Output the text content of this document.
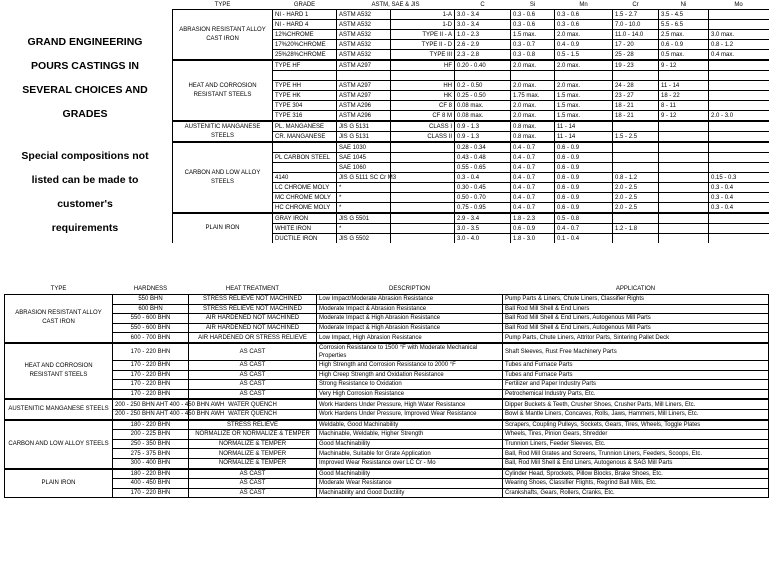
GRAND ENGINEERING
POURS CASTINGS IN
SEVERAL CHOICES AND
GRADES
Special compositions not
listed can be made to
customer's
requirements
TYPE	GRADE	ASTM, SAE & JIS		C	Si	Mn	Cr	Ni	Mo
ABRASION RESISTANT ALLOY CAST IRON	NI - HARD 1	ASTM A532	1-A	3.0 - 3.4	0.3 - 0.6	0.3 - 0.6	1.5 - 2.7	3.5 - 4.5	
	NI - HARD 4	ASTM A532	1-D	3.0 - 3.4	0.3 - 0.6	0.3 - 0.6	7.0 - 10.0	5.5 - 6.5	
	12%CHROME	ASTM A532	TYPE II - A	1.0 - 2.3	1.5 max.	2.0 max.	11.0 - 14.0	2.5 max.	3.0 max.
	17%20%CHROME	ASTM A532	TYPE II - D	2.6 - 2.9	0.3 - 0.7	0.4 - 0.9	17 - 20	0.6 - 0.9	0.8 - 1.2
	25%28%CHROME	ASTM A532	TYPE III	2.3 - 2.8	0.3 - 0.8	0.5 - 1.5	25 - 28	0.5 max.	0.4 max.
HEAT AND CORROSION RESISTANT STEELS	TYPE HF	ASTM A297	HF	0.20 - 0.40	2.0 max.	2.0 max.	19 - 23	9 - 12	

	TYPE HH	ASTM A297	HH	0.2 - 0.50	2.0 max.	2.0 max.	24 - 28	11 - 14	
	TYPE HK	ASTM A297	HK	0.25 - 0.50	1.75 max.	1.5 max.	23 - 27	18 - 22	
	TYPE 304	ASTM A296	CF 8	0.08 max.	2.0 max.	1.5 max.	18 - 21	8 - 11	
	TYPE 316	ASTM A296	CF 8 M	0.08 max.	2.0 max.	1.5 max.	18 - 21	9 - 12	2.0 - 3.0
AUSTENITIC MANGANESE STEELS	PL. MANGANESE	JIS G 5131	CLASS I	0.9 - 1.3	0.8 max.	11 - 14			
	CR. MANGANESE	JIS G 5131	CLASS II	0.9 - 1.3	0.8 max.	11 - 14	1.5 - 2.5		
CARBON AND LOW ALLOY STEELS		SAE 1030		0.28 - 0.34	0.4 - 0.7	0.6 - 0.9			
	PL CARBON STEEL	SAE 1045		0.43 - 0.48	0.4 - 0.7	0.6 - 0.9			
		SAE 1060		0.55 - 0.65	0.4 - 0.7	0.6 - 0.9			
	4140	JIS G 5111 SC Cr M3		0.3 - 0.4	0.4 - 0.7	0.6 - 0.9	0.8 - 1.2		0.15 - 0.3
	LC CHROME MOLY	*		0.30 - 0.45	0.4 - 0.7	0.6 - 0.9	2.0 - 2.5		0.3 - 0.4
	MC CHROME MOLY	*		0.50 - 0.70	0.4 - 0.7	0.6 - 0.9	2.0 - 2.5		0.3 - 0.4
	HC CHROME MOLY	*		0.75 - 0.95	0.4 - 0.7	0.6 - 0.9	2.0 - 2.5		0.3 - 0.4
PLAIN IRON	GRAY IRON	JIS G 5501		2.9 - 3.4	1.8 - 2.3	0.5 - 0.8			
	WHITE IRON	*		3.0 - 3.5	0.6 - 0.9	0.4 - 0.7	1.2 - 1.8		
	DUCTILE IRON	JIS G 5502		3.0 - 4.0	1.8 - 3.0	0.1 - 0.4			
TYPE	HARDNESS	HEAT TREATMENT	DESCRIPTION	APPLICATION
ABRASION RESISTANT ALLOY CAST IRON	550 BHN	STRESS RELIEVE NOT MACHINED	Low Impact/Moderate Abrasion Resistance	Pump Parts & Liners, Chute Liners, Classifier Rights
	600 BHN	STRESS RELIEVE NOT MACHINED	Moderate Impact & Abrasion Resistance	Ball Rod Mill Shell & End Liners
	550 - 600 BHN	AIR HARDENED NOT MACHINED	Moderate Impact & High Abrasion Resistance	Ball Rod Mill Shell & End Liners, Autogenous Mill Parts
	550 - 600 BHN	AIR HARDENED NOT MACHINED	Moderate Impact & High Abrasion Resistance	Ball Rod Mill Shell & End Liners, Autogenous Mill Parts
	600 - 700 BHN	AIR HARDENED OR STRESS RELIEVE	Low Impact, High Abrasion Resistance	Pump Parts, Chute Liners, Attritor Parts, Sintering Pallet Deck
HEAT AND CORROSION RESISTANT STEELS	170 - 220 BHN	AS CAST	Corrosion Resistance to 1500 °F with Moderate Mechanical Properties	Shaft Sleeves, Rust Free Machinery Parts
	170 - 220 BHN	AS CAST	High Strength and Corrosion Resistance to 2000 °F	Tubes and Furnace Parts
	170 - 220 BHN	AS CAST	High Creep Strength and Oxidation Resistance	Tubes and Furnace Parts
	170 - 220 BHN	AS CAST	Strong Resistance to Oxidation	Fertilizer and Paper Industry Parts
	170 - 220 BHN	AS CAST	Very High Corrosion Resistance	Petrochemical Industry Parts, Etc.
AUSTENITIC MANGANESE STEELS	200 - 250 BHN AHT 400 - 450 BHN AWH	WATER QUENCH	Work Hardens Under Pressure, High Water Resistance	Dipper Buckets & Teeth, Crusher Shoes, Crusher Parts, Mill Liners, Etc.
	200 - 250 BHN AHT 400 - 450 BHN AWH	WATER QUENCH	Work Hardens Under Pressure, Improved Wear Resistance	Bowl & Mantle Liners, Concaves, Rolls, Jaws, Hammers, Mill Liners, Etc.
CARBON AND LOW ALLOY STEELS	180 - 220 BHN	STRESS RELIEVE	Weldable, Good Machinability	Scrapers, Coupling Pulleys, Sockets, Gears, Tires, Wheels, Toggle Plates
	200 - 225 BHN	NORMALIZE OR NORMALIZE & TEMPER	Machinable, Weldable, Higher Strength	Wheels, Tires, Pinion Gears, Shredder
	250 - 350 BHN	NORMALIZE & TEMPER	Good Machinability	Trunnion Liners, Feeder Sleeves, Etc.
	275 - 375 BHN	NORMALIZE & TEMPER	Machinable, Suitable for Grate Application	Ball, Rod Mill Grates and Screens, Trunnion Liners, Feeders, Scoops, Etc.
	300 - 400 BHN	NORMALIZE & TEMPER	Improved Wear Resistance over LC Cr - Mo	Ball, Rod Mill Shell & End Liners, Autogenous & SAG Mill Parts
PLAIN IRON	180 - 220 BHN	AS CAST	Good Machinability	Cylinder Head, Sprockets, Pillow Blocks, Brake Shoes, Etc.
	400 - 450 BHN	AS CAST	Moderate Wear Resistance	Wearing Shoes, Classifier Flights, Regrind Ball Mills, Etc.
	170 - 220 BHN	AS CAST	Machinability and Good Ductility	Crankshafts, Gears, Rollers, Cranks, Etc.
